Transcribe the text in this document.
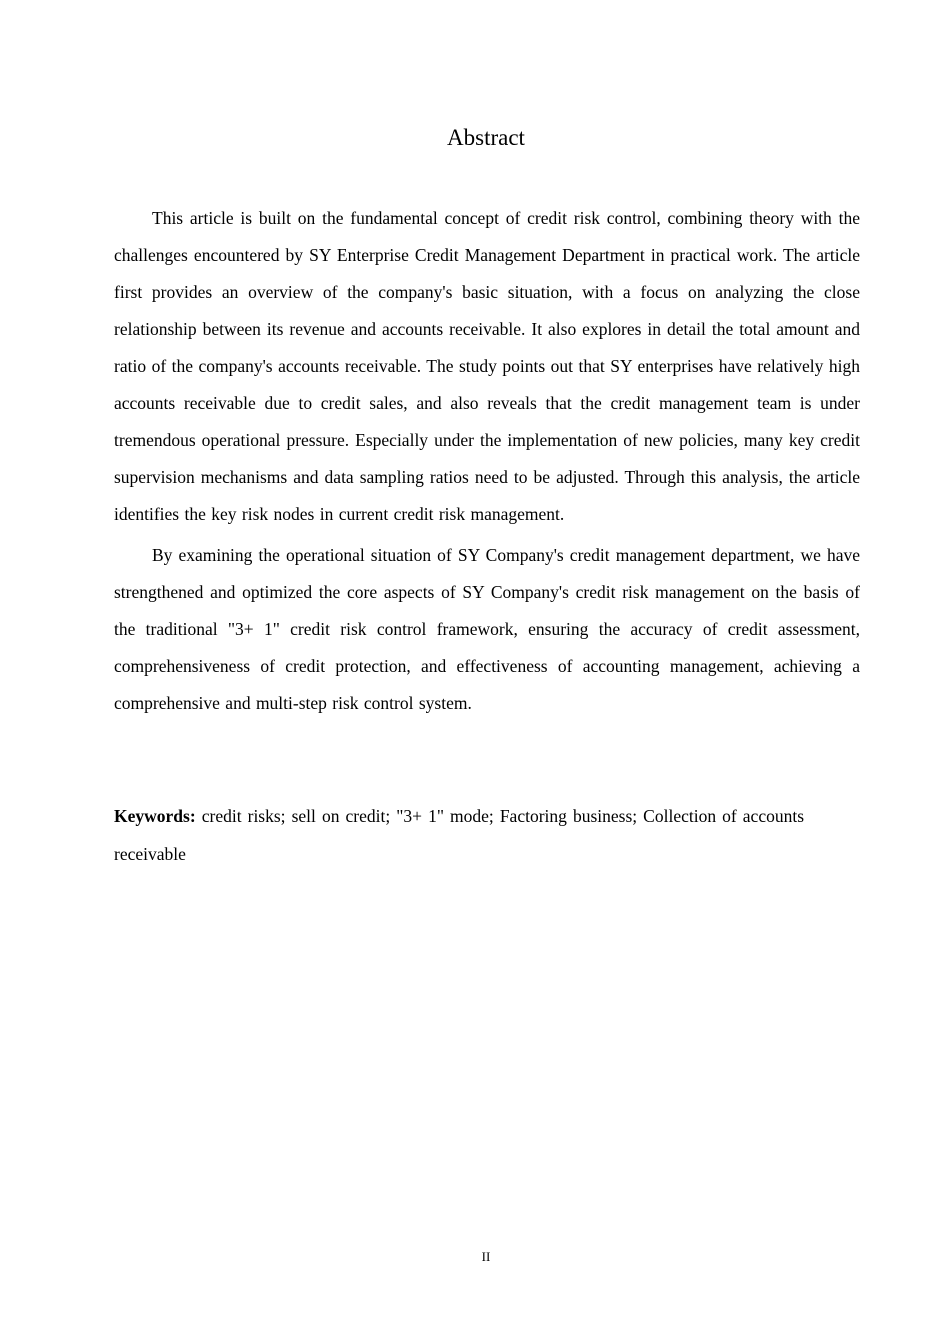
Abstract

This article is built on the fundamental concept of credit risk control, combining theory with the challenges encountered by SY Enterprise Credit Management Department in practical work. The article first provides an overview of the company's basic situation, with a focus on analyzing the close relationship between its revenue and accounts receivable. It also explores in detail the total amount and ratio of the company's accounts receivable. The study points out that SY enterprises have relatively high accounts receivable due to credit sales, and also reveals that the credit management team is under tremendous operational pressure. Especially under the implementation of new policies, many key credit supervision mechanisms and data sampling ratios need to be adjusted. Through this analysis, the article identifies the key risk nodes in current credit risk management.

By examining the operational situation of SY Company's credit management department, we have strengthened and optimized the core aspects of SY Company's credit risk management on the basis of the traditional "3+ 1" credit risk control framework, ensuring the accuracy of credit assessment, comprehensiveness of credit protection, and effectiveness of accounting management, achieving a comprehensive and multi-step risk control system.

Keywords: credit risks; sell on credit; "3+ 1" mode; Factoring business; Collection of accounts receivable

II
